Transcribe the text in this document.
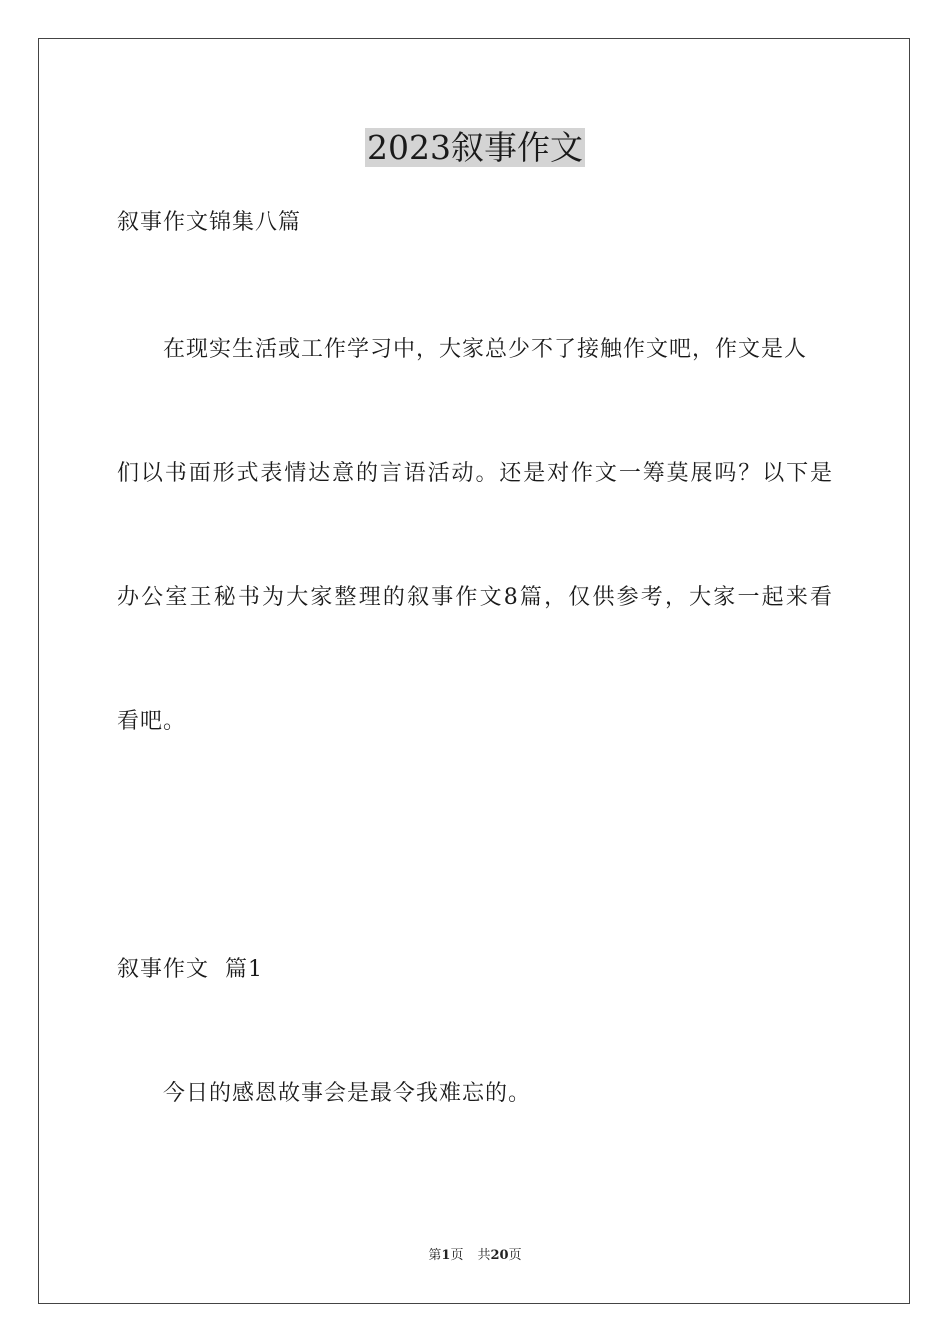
2023叙事作文
叙事作文锦集八篇
在现实生活或工作学习中，大家总少不了接触作文吧，作文是人
们以书面形式表情达意的言语活动。还是对作文一筹莫展吗？以下是
办公室王秘书为大家整理的叙事作文8篇，仅供参考，大家一起来看
看吧。
叙事作文  篇1
今日的感恩故事会是最令我难忘的。
第1页 共20页
